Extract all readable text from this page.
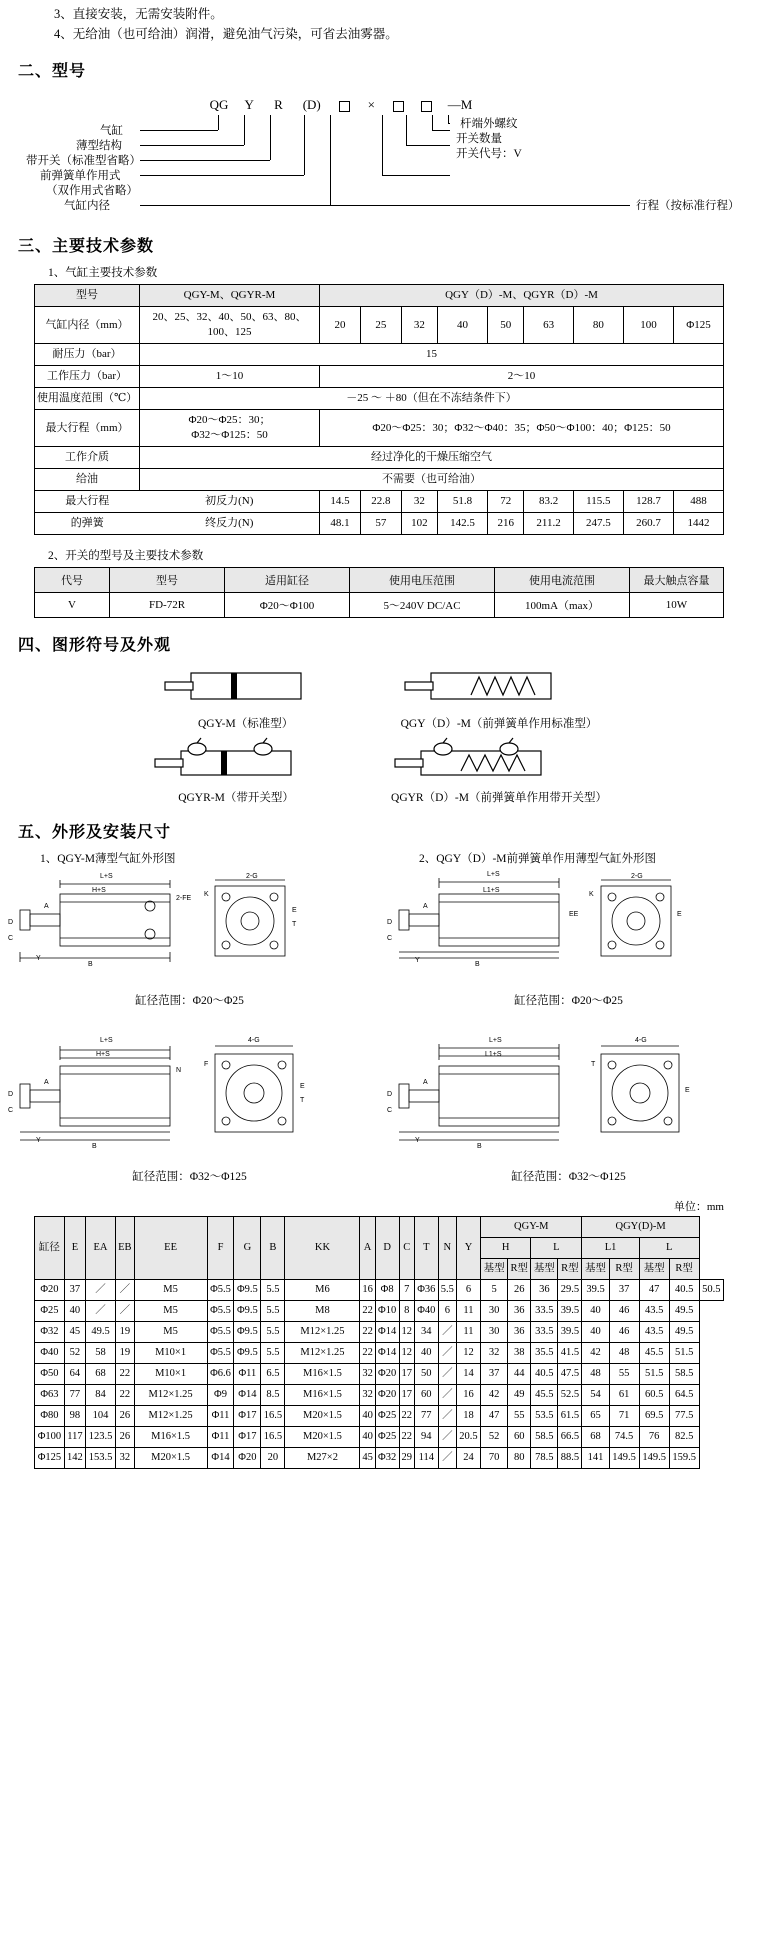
3、直接安装，无需安装附件。
4、无给油（也可给油）润滑，避免油气污染，可省去油雾器。
二、型号
QG Y R (D)	×	—M
气缸
薄型结构
带开关（标准型省略）
前弹簧单作用式
（双作用式省略）
气缸内径
杆端外螺纹
开关数量
开关代号：V
行程（按标准行程）
三、主要技术参数
1、气缸主要技术参数
型号	QGY-M、QGYR-M	QGY（D）-M、QGYR（D）-M								
气缸内径（mm）	20、25、32、40、50、63、80、100、125	20	25	32	40	50	63	80	100	Φ125
耐压力（bar）	15									
工作压力（bar）	1～10	2～10								
使用温度范围（℃）	－25 ～ ＋80（但在不冻结条件下）									
最大行程（mm）	Φ20～Φ25：30；
Φ32～Φ125：50	Φ20～Φ25：30；Φ32～Φ40：35；Φ50～Φ100：40；Φ125：50								
工作介质	经过净化的干燥压缩空气									
给油	不需要（也可给油）									
最大行程	初反力(N)	14.5	22.8	32	51.8	72	83.2	115.5	128.7	488
的弹簧	终反力(N)	48.1	57	102	142.5	216	211.2	247.5	260.7	1442
2、开关的型号及主要技术参数
代号	型号	适用缸径	使用电压范围	使用电流范围	最大触点容量
V	FD-72R	Φ20～Φ100	5～240V DC/AC	100mA（max）	10W
四、图形符号及外观
QGY-M（标准型）	QGY（D）-M（前弹簧单作用标准型）
QGYR-M（带开关型）	QGYR（D）-M（前弹簧单作用带开关型）
五、外形及安装尺寸
1、QGY-M薄型气缸外形图
L+S
H+S
B
A
D
C
Y
2-FE
2-G
K
E
T
缸径范围：Φ20～Φ25
2、QGY（D）-M前弹簧单作用薄型气缸外形图
L+S
L1+S
B
A
D
C
Y
EE
2-G
K
E
缸径范围：Φ20～Φ25
L+S
H+S
B
A
D
C
Y
N
4-G
E
T
F
缸径范围：Φ32～Φ125
L+S
L1+S
B
A
D
C
Y
4-G
E
T
缸径范围：Φ32～Φ125
单位：mm
缸径	E	EA	EB	EE	F	G	B	KK	A	D	C	T	N	Y	QGY-M				QGY(D)-M				
															H		L		L1		L		
															基型	R型	基型	R型	基型	R型	基型	R型	
Φ20	37	／	／	M5	Φ5.5	Φ9.5	5.5	M6	16	Φ8	7	Φ36	5.5	6	5	26	36	29.5	39.5	37	47	40.5	50.5
Φ25	40	／	／	M5	Φ5.5	Φ9.5	5.5	M8	22	Φ10	8	Φ40	6	11	30	36	33.5	39.5	40	46	43.5	49.5	
Φ32	45	49.5	19	M5	Φ5.5	Φ9.5	5.5	M12×1.25	22	Φ14	12	34	／	11	30	36	33.5	39.5	40	46	43.5	49.5	
Φ40	52	58	19	M10×1	Φ5.5	Φ9.5	5.5	M12×1.25	22	Φ14	12	40	／	12	32	38	35.5	41.5	42	48	45.5	51.5	
Φ50	64	68	22	M10×1	Φ6.6	Φ11	6.5	M16×1.5	32	Φ20	17	50	／	14	37	44	40.5	47.5	48	55	51.5	58.5	
Φ63	77	84	22	M12×1.25	Φ9	Φ14	8.5	M16×1.5	32	Φ20	17	60	／	16	42	49	45.5	52.5	54	61	60.5	64.5	
Φ80	98	104	26	M12×1.25	Φ11	Φ17	16.5	M20×1.5	40	Φ25	22	77	／	18	47	55	53.5	61.5	65	71	69.5	77.5	
Φ100	117	123.5	26	M16×1.5	Φ11	Φ17	16.5	M20×1.5	40	Φ25	22	94	／	20.5	52	60	58.5	66.5	68	74.5	76	82.5	
Φ125	142	153.5	32	M20×1.5	Φ14	Φ20	20	M27×2	45	Φ32	29	114	／	24	70	80	78.5	88.5	141	149.5	149.5	159.5	
